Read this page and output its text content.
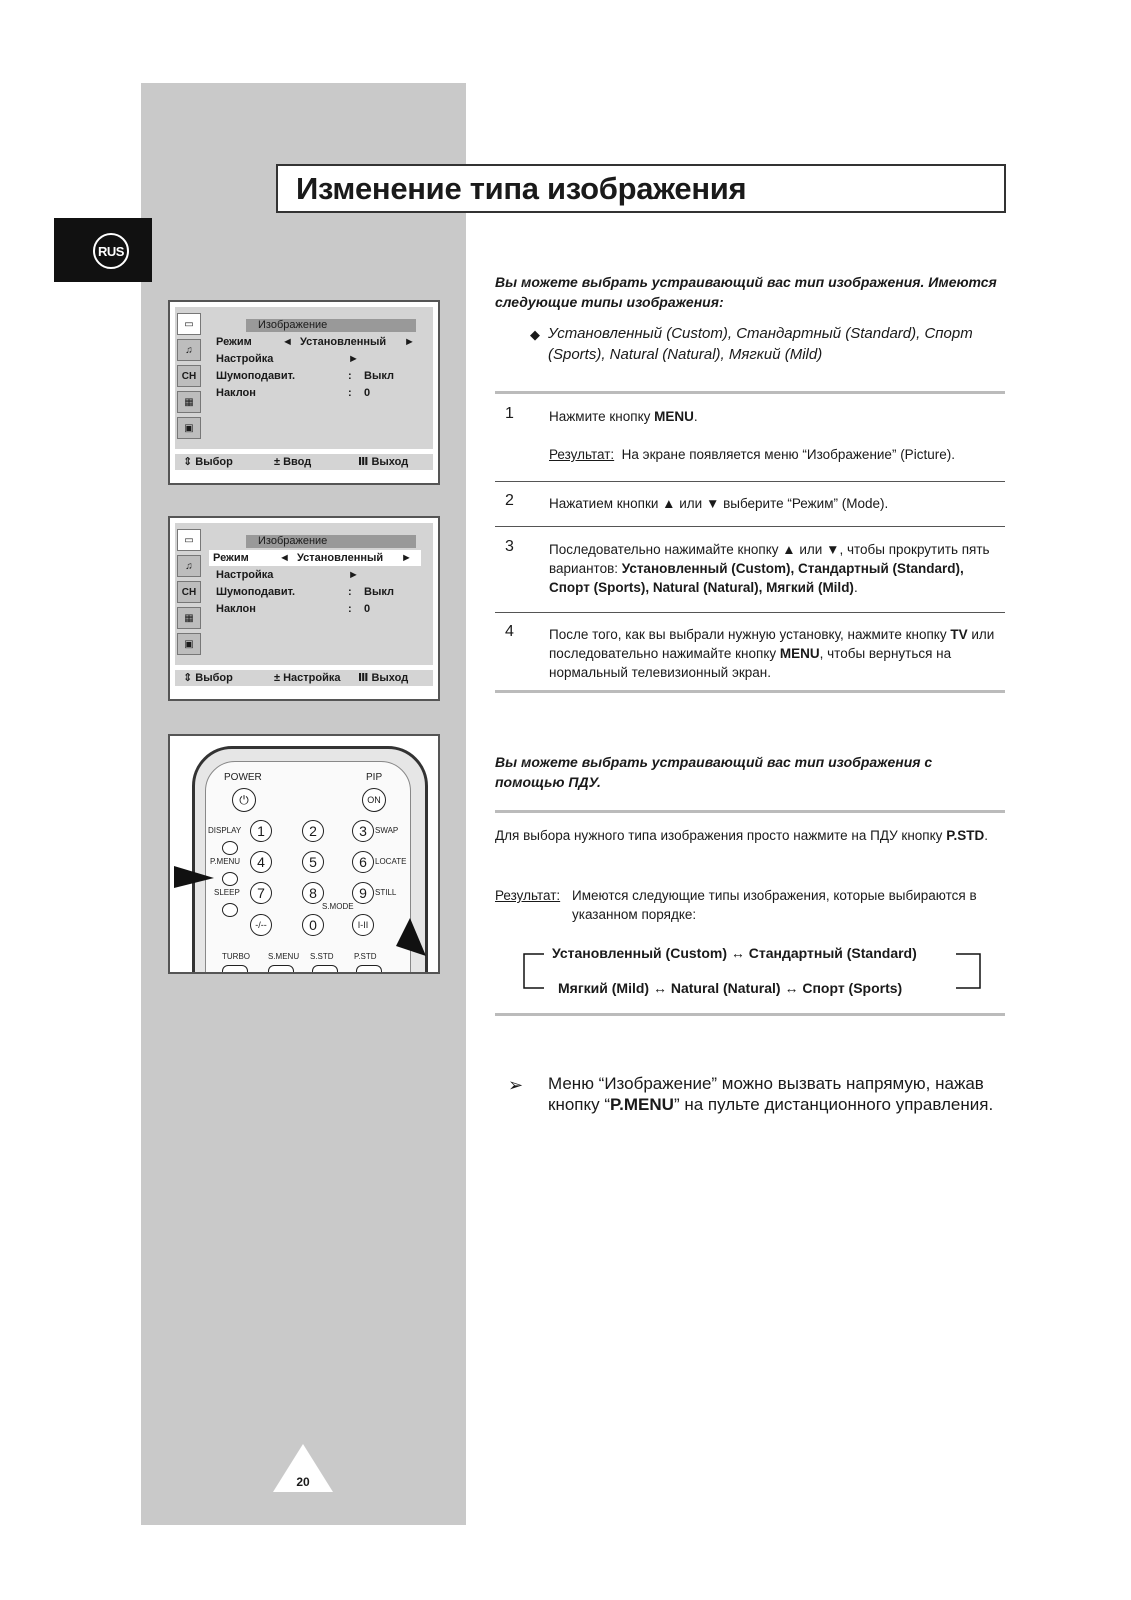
RUS
Изменение типа изображения
▭
♫
CH
▦
▣
Изображение
Режим	◄ Установленный ►
Настройка	►
Шумоподавит.	: Выкл
Наклон	: 0
⇕ Выбор	± Ввод	Ⅲ Выход
▭
♫
CH
▦
▣
Изображение
Режим	◄ Установленный ►
Настройка	►
Шумоподавит.	: Выкл
Наклон	: 0
⇕ Выбор	± Настройка Ⅲ Выход
POWER	PIP
⏻	ON
DISPLAY	1	2	3	SWAP
P.MENU	4	5	6	LOCATE
SLEEP	7	8	9	STILL
S.MODE
-/--	0	I-II
TURBO S.MENU S.STD	P.STD
Вы можете выбрать устраивающий вас тип изображения. Имеются следующие типы изображения:
◆ Установленный (Custom), Стандартный (Standard), Спорт (Sports), Natural (Natural), Мягкий (Mild)
1	Нажмите кнопку MENU.
Результат: На экране появляется меню “Изображение” (Picture).
2	Нажатием кнопки ▲ или ▼ выберите “Режим” (Mode).
3	Последовательно нажимайте кнопку ▲ или ▼, чтобы прокрутить пять вариантов: Установленный (Custom), Стандартный (Standard), Спорт (Sports), Natural (Natural), Мягкий (Mild).
4	После того, как вы выбрали нужную установку, нажмите кнопку TV или последовательно нажимайте кнопку MENU, чтобы вернуться на нормальный телевизионный экран.
Вы можете выбрать устраивающий вас тип изображения с помощью ПДУ.
Для выбора нужного типа изображения просто нажмите на ПДУ кнопку P.STD.
Результат: Имеются следующие типы изображения, которые выбираются в указанном порядке:
Установленный (Custom) ↔ Стандартный (Standard)
Мягкий (Mild) ↔ Natural (Natural) ↔ Спорт (Sports)
➢ Меню “Изображение” можно вызвать напрямую, нажав кнопку “P.MENU” на пульте дистанционного управления.
20
